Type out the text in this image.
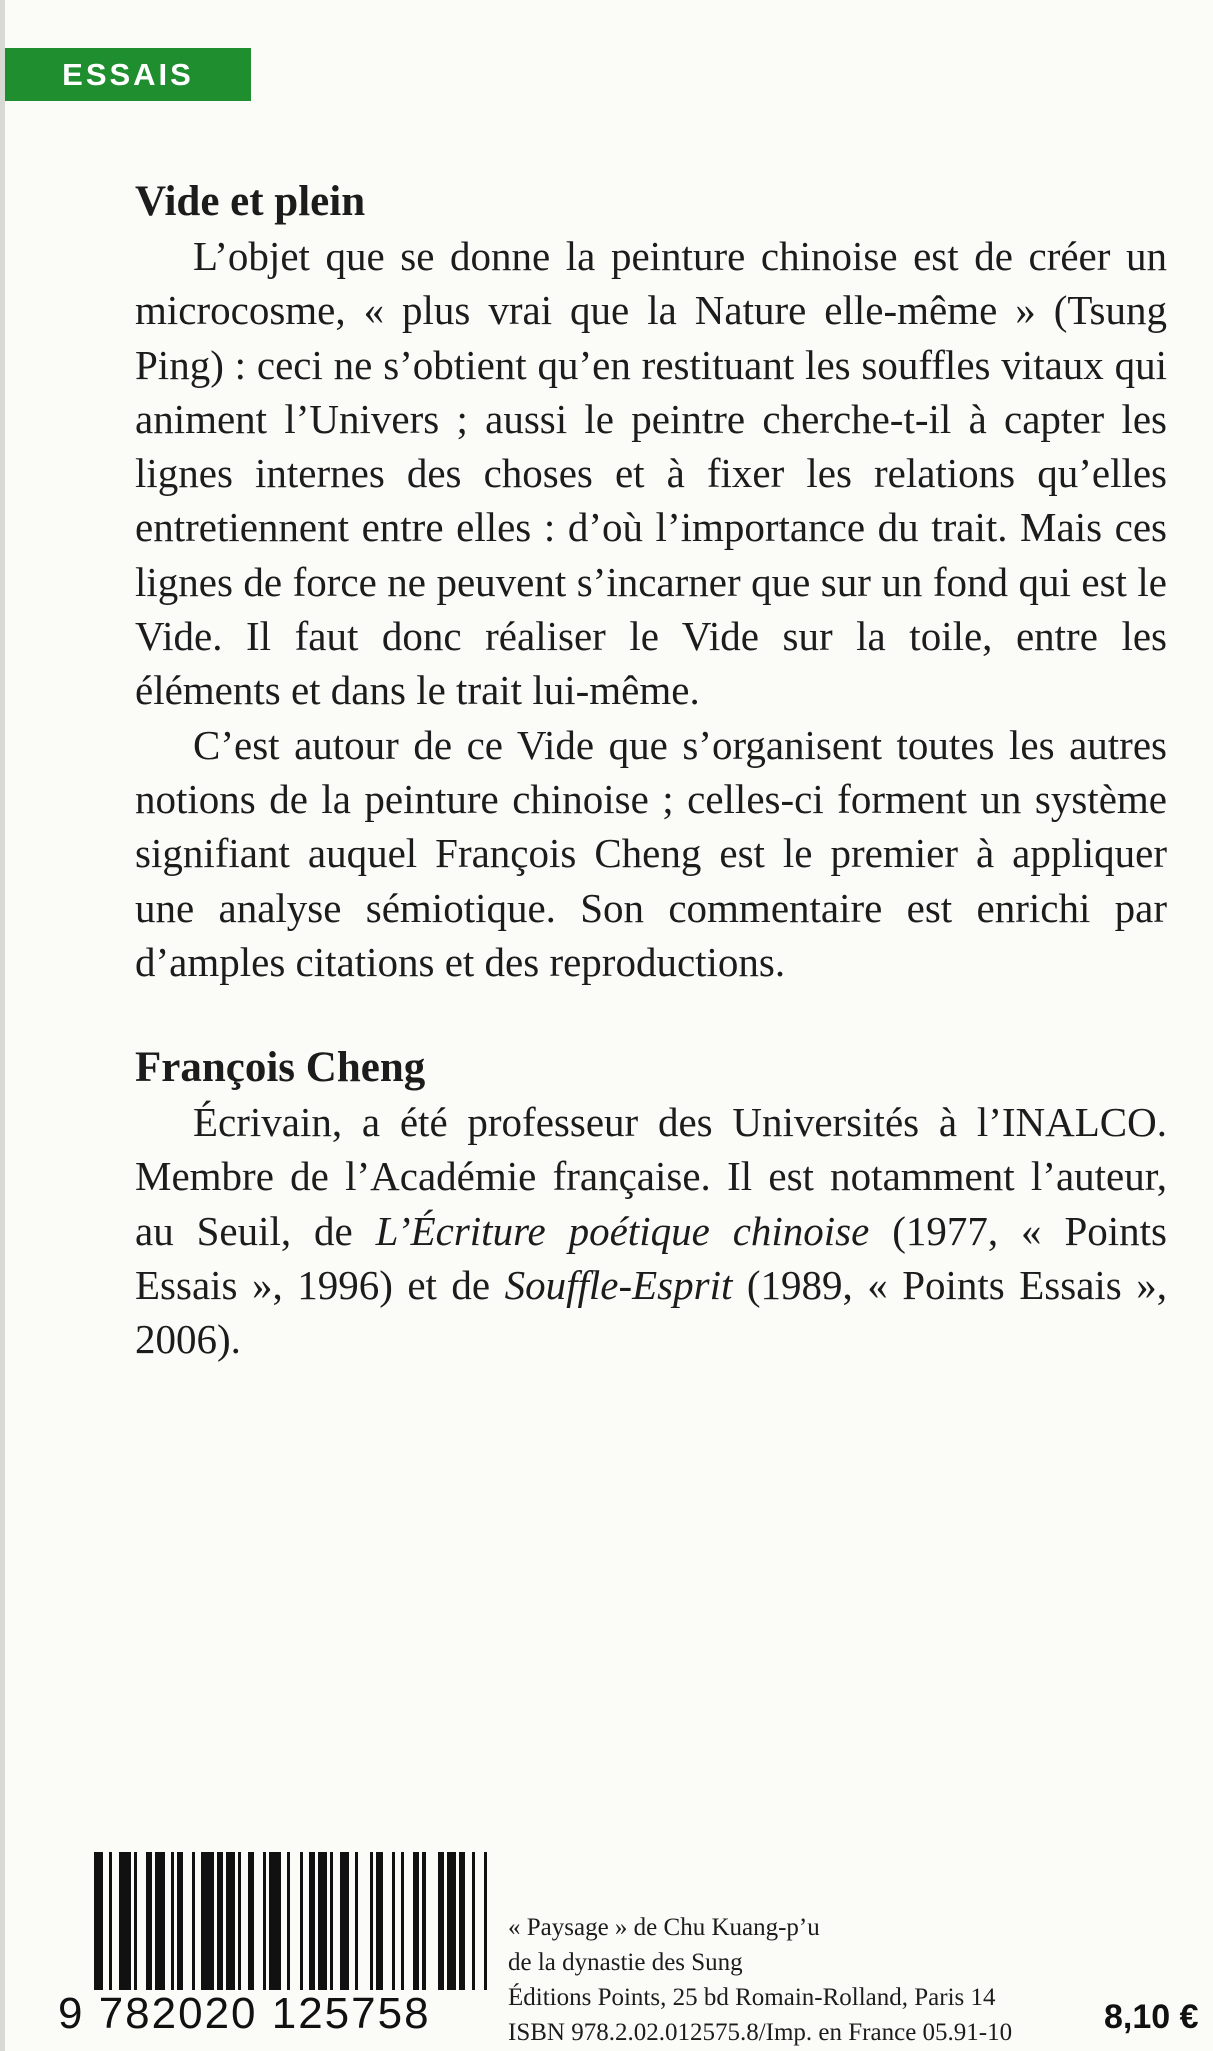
ESSAIS
Vide et plein

L’objet que se donne la peinture chinoise est de créer un microcosme, « plus vrai que la Nature elle-même » (Tsung Ping) : ceci ne s’obtient qu’en restituant les souffles vitaux qui animent l’Univers ; aussi le peintre cherche-t-il à capter les lignes internes des choses et à fixer les relations qu’elles entretiennent entre elles : d’où l’importance du trait. Mais ces lignes de force ne peuvent s’incarner que sur un fond qui est le Vide. Il faut donc réaliser le Vide sur la toile, entre les éléments et dans le trait lui-même.

C’est autour de ce Vide que s’organisent toutes les autres notions de la peinture chinoise ; celles-ci forment un système signifiant auquel François Cheng est le premier à appliquer une analyse sémiotique. Son commentaire est enrichi par d’amples citations et des reproductions.

François Cheng

Écrivain, a été professeur des Universités à l’INALCO. Membre de l’Académie française. Il est notamment l’auteur, au Seuil, de L’Écriture poétique chinoise (1977, « Points Essais », 1996) et de Souffle-Esprit (1989, « Points Essais », 2006).

9 782020 125758
« Paysage » de Chu Kuang-p’u
de la dynastie des Sung
Éditions Points, 25 bd Romain-Rolland, Paris 14
ISBN 978.2.02.012575.8/Imp. en France 05.91-10	8,10 €
